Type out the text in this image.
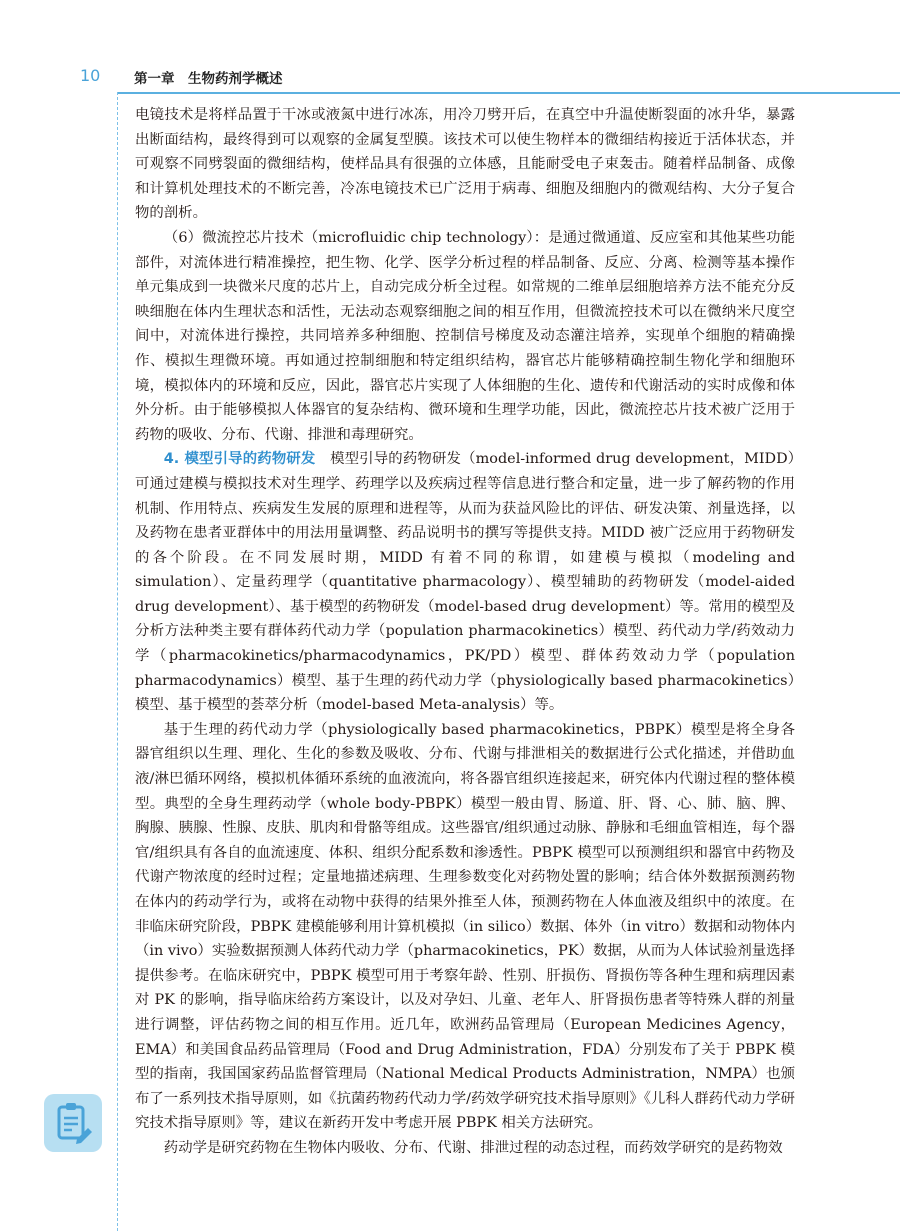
10 第一章　生物药剂学概述

电镜技术是将样品置于干冰或液氮中进行冰冻，用冷刀劈开后，在真空中升温使断裂面的冰升华，暴露出断面结构，最终得到可以观察的金属复型膜。该技术可以使生物样本的微细结构接近于活体状态，并可观察不同劈裂面的微细结构，使样品具有很强的立体感，且能耐受电子束轰击。随着样品制备、成像和计算机处理技术的不断完善，冷冻电镜技术已广泛用于病毒、细胞及细胞内的微观结构、大分子复合物的剖析。

（6）微流控芯片技术（microfluidic chip technology）：是通过微通道、反应室和其他某些功能部件，对流体进行精准操控，把生物、化学、医学分析过程的样品制备、反应、分离、检测等基本操作单元集成到一块微米尺度的芯片上，自动完成分析全过程。如常规的二维单层细胞培养方法不能充分反映细胞在体内生理状态和活性，无法动态观察细胞之间的相互作用，但微流控技术可以在微纳米尺度空间中，对流体进行操控，共同培养多种细胞、控制信号梯度及动态灌注培养，实现单个细胞的精确操作、模拟生理微环境。再如通过控制细胞和特定组织结构，器官芯片能够精确控制生物化学和细胞环境，模拟体内的环境和反应，因此，器官芯片实现了人体细胞的生化、遗传和代谢活动的实时成像和体外分析。由于能够模拟人体器官的复杂结构、微环境和生理学功能，因此，微流控芯片技术被广泛用于药物的吸收、分布、代谢、排泄和毒理研究。

4. 模型引导的药物研发　 模型引导的药物研发（model-informed drug development，MIDD）可通过建模与模拟技术对生理学、药理学以及疾病过程等信息进行整合和定量，进一步了解药物的作用机制、作用特点、疾病发生发展的原理和进程等，从而为获益风险比的评估、研发决策、剂量选择，以及药物在患者亚群体中的用法用量调整、药品说明书的撰写等提供支持。MIDD 被广泛应用于药物研发的各个阶段。在不同发展时期，MIDD 有着不同的称谓，如建模与模拟（modeling and simulation）、定量药理学（quantitative pharmacology）、模型辅助的药物研发（model-aided drug development）、基于模型的药物研发（model-based drug development）等。常用的模型及分析方法种类主要有群体药代动力学（population pharmacokinetics）模型、药代动力学/药效动力学（pharmacokinetics/pharmacodynamics，PK/PD）模型、群体药效动力学（population pharmacodynamics）模型、基于生理的药代动力学（physiologically based pharmacokinetics）模型、基于模型的荟萃分析（model-based Meta-analysis）等。

基于生理的药代动力学（physiologically based pharmacokinetics，PBPK）模型是将全身各器官组织以生理、理化、生化的参数及吸收、分布、代谢与排泄相关的数据进行公式化描述，并借助血液/淋巴循环网络，模拟机体循环系统的血液流向，将各器官组织连接起来，研究体内代谢过程的整体模型。典型的全身生理药动学（whole body-PBPK）模型一般由胃、肠道、肝、肾、心、肺、脑、脾、胸腺、胰腺、性腺、皮肤、肌肉和骨骼等组成。这些器官/组织通过动脉、静脉和毛细血管相连，每个器官/组织具有各自的血流速度、体积、组织分配系数和渗透性。PBPK 模型可以预测组织和器官中药物及代谢产物浓度的经时过程；定量地描述病理、生理参数变化对药物处置的影响；结合体外数据预测药物在体内的药动学行为，或将在动物中获得的结果外推至人体，预测药物在人体血液及组织中的浓度。在非临床研究阶段，PBPK 建模能够利用计算机模拟（in silico）数据、体外（in vitro）数据和动物体内（in vivo）实验数据预测人体药代动力学（pharmacokinetics，PK）数据，从而为人体试验剂量选择提供参考。在临床研究中，PBPK 模型可用于考察年龄、性别、肝损伤、肾损伤等各种生理和病理因素对 PK 的影响，指导临床给药方案设计，以及对孕妇、儿童、老年人、肝肾损伤患者等特殊人群的剂量进行调整，评估药物之间的相互作用。近几年，欧洲药品管理局（European Medicines Agency，EMA）和美国食品药品管理局（Food and Drug Administration，FDA）分别发布了关于 PBPK 模型的指南，我国国家药品监督管理局（National Medical Products Administration，NMPA）也颁布了一系列技术指导原则，如《抗菌药物药代动力学/药效学研究技术指导原则》《儿科人群药代动力学研究技术指导原则》等，建议在新药开发中考虑开展 PBPK 相关方法研究。

药动学是研究药物在生物体内吸收、分布、代谢、排泄过程的动态过程，而药效学研究的是药物效
